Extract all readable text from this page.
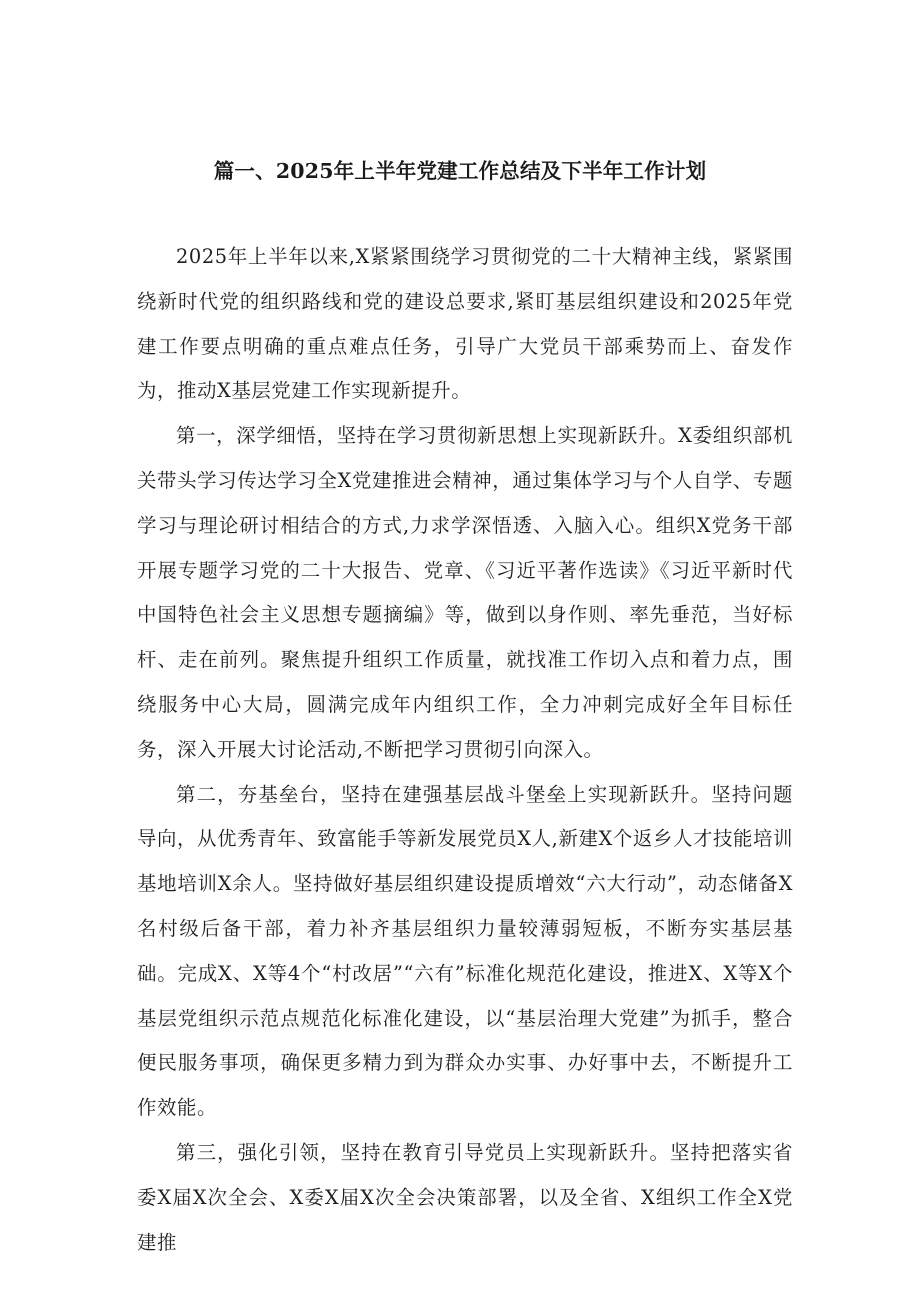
篇一、2025年上半年党建工作总结及下半年工作计划

2025年上半年以来,X紧紧围绕学习贯彻党的二十大精神主线，紧紧围绕新时代党的组织路线和党的建设总要求,紧盯基层组织建设和2025年党建工作要点明确的重点难点任务，引导广大党员干部乘势而上、奋发作为，推动X基层党建工作实现新提升。

第一，深学细悟，坚持在学习贯彻新思想上实现新跃升。X委组织部机关带头学习传达学习全X党建推进会精神，通过集体学习与个人自学、专题学习与理论研讨相结合的方式,力求学深悟透、入脑入心。组织X党务干部开展专题学习党的二十大报告、党章、《习近平著作选读》《习近平新时代中国特色社会主义思想专题摘编》等，做到以身作则、率先垂范，当好标杆、走在前列。聚焦提升组织工作质量，就找准工作切入点和着力点，围绕服务中心大局，圆满完成年内组织工作，全力冲刺完成好全年目标任务，深入开展大讨论活动,不断把学习贯彻引向深入。

第二，夯基垒台，坚持在建强基层战斗堡垒上实现新跃升。坚持问题导向，从优秀青年、致富能手等新发展党员X人,新建X个返乡人才技能培训基地培训X余人。坚持做好基层组织建设提质增效“六大行动”，动态储备X名村级后备干部，着力补齐基层组织力量较薄弱短板，不断夯实基层基础。完成X、X等4个“村改居”“六有”标准化规范化建设，推进X、X等X个基层党组织示范点规范化标准化建设，以“基层治理大党建”为抓手，整合便民服务事项，确保更多精力到为群众办实事、办好事中去，不断提升工作效能。

第三，强化引领，坚持在教育引导党员上实现新跃升。坚持把落实省委X届X次全会、X委X届X次全会决策部署，以及全省、X组织工作全X党建推
